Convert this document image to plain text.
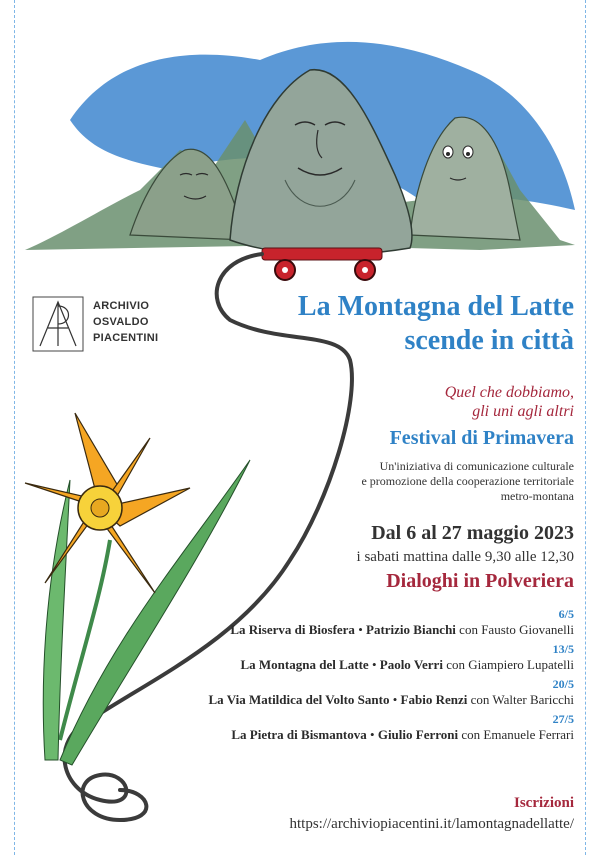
ARCHIVIO
OSVALDO
PIACENTINI
La Montagna del Latte
scende in città
Quel che dobbiamo,
gli uni agli altri
Festival di Primavera
Un'iniziativa di comunicazione culturale
e promozione della cooperazione territoriale
metro-montana
Dal 6 al 27 maggio 2023
i sabati mattina dalle 9,30 alle 12,30
Dialoghi in Polveriera
6/5
La Riserva di Biosfera • Patrizio Bianchi con Fausto Giovanelli
13/5
La Montagna del Latte • Paolo Verri con Giampiero Lupatelli
20/5
La Via Matildica del Volto Santo • Fabio Renzi con Walter Baricchi
27/5
La Pietra di Bismantova • Giulio Ferroni con Emanuele Ferrari
Iscrizioni
https://archiviopiacentini.it/lamontagnadellatte/
